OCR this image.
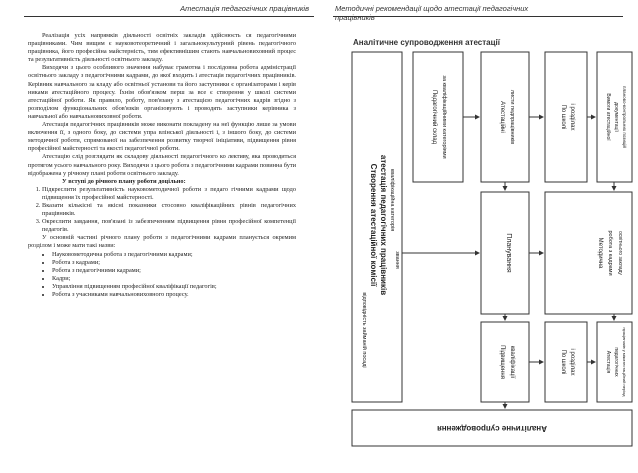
Атестація педагогічних працівників

Реалізація усіх напрямків діяльності освітніх закладів здійснюєть ся педагогічними працівниками. Чим вищим є науковотеоретичний і загальнокультурний рівень педагогічного працівника, його професійна майстерність, тим ефективнішим стають навчальновиховний процес та результативність діяльності освітнього закладу.

Виходячи з цього особливого значення набуває грамотна і послідовна робота адміністрації освітнього закладу з педагогічними кадрами, до якої входить і атестація педагогічних працівників. Керівник навчального за кладу або освітньої установи та його заступники є організаторами і керів никами атестаційного процесу. Їхнім обов'язком перш за все є створення у школі системи атестаційної роботи. Як правило, роботу, пов'язану з атестацією педагогічних кадрів згідно з розподілом функціональних обов'язків організовують і проводять заступники керівника з навчальної або навчальновиховної роботи.

Атестація педагогічних працівників може виконати покладену на неї функцію лише за умови включення її, з одного боку, до системи упра влінської діяльності і, з іншого боку, до системи методичної роботи, спрямованої на забезпечення розвитку творчої ініціативи, підвищення рівня професійної майстерності та якості педагогічної роботи.

Атестацію слід розглядати як складову діяльності педагогічного ко лективу, яка проводиться протягом усього навчального року. Виходячи з цього робота з педагогічними кадрами повинна бути відображена у річному плані роботи освітнього закладу.

У вступі до річного плану роботи доцільно:

1. Підкреслити результативність науковометодичної роботи з педаго гічними кадрами щодо підвищення їх професійної майстерності.
2. Вказати кількісні та якісні показники стосовно кваліфікаційних рівнів педагогічних працівників.
3. Окреслити завдання, пов'язані із забезпеченням підвищення рівня професійної компетенції педагогів.

У основній частині річного плану роботи з педагогічними кадрами планується окремим розділом і може мати такі назви:

• Науковометодична робота з педагогічними кадрами;
• Робота з кадрами;
• Робота з педагогічними кадрами;
• Кадри;
• Управління підвищенням професійної кваліфікації педагогів;
• Робота з учасниками навчальновиховного процесу.
Методичні рекомендації щодо атестації педагогічних
працівників
Аналітичне супроводження атестації
Створення атестаційної комісії атестація педагогічних працівників
відповідність займаній посаді
кваліфікаційна категорія
звання
Педагогічний склад за кваліфікаційними категоріями	Атестаційні листи педпрацівників	По школі і розділах	Вимоги атестаційної документації планово-контрольних позицій
Планування	Методична робота з кадрами освітнього закладу
Підвищення кваліфікації	По школі і розділах	Атестація педагогічних працівників у міжатестаційний період
Аналітичне супроводження
